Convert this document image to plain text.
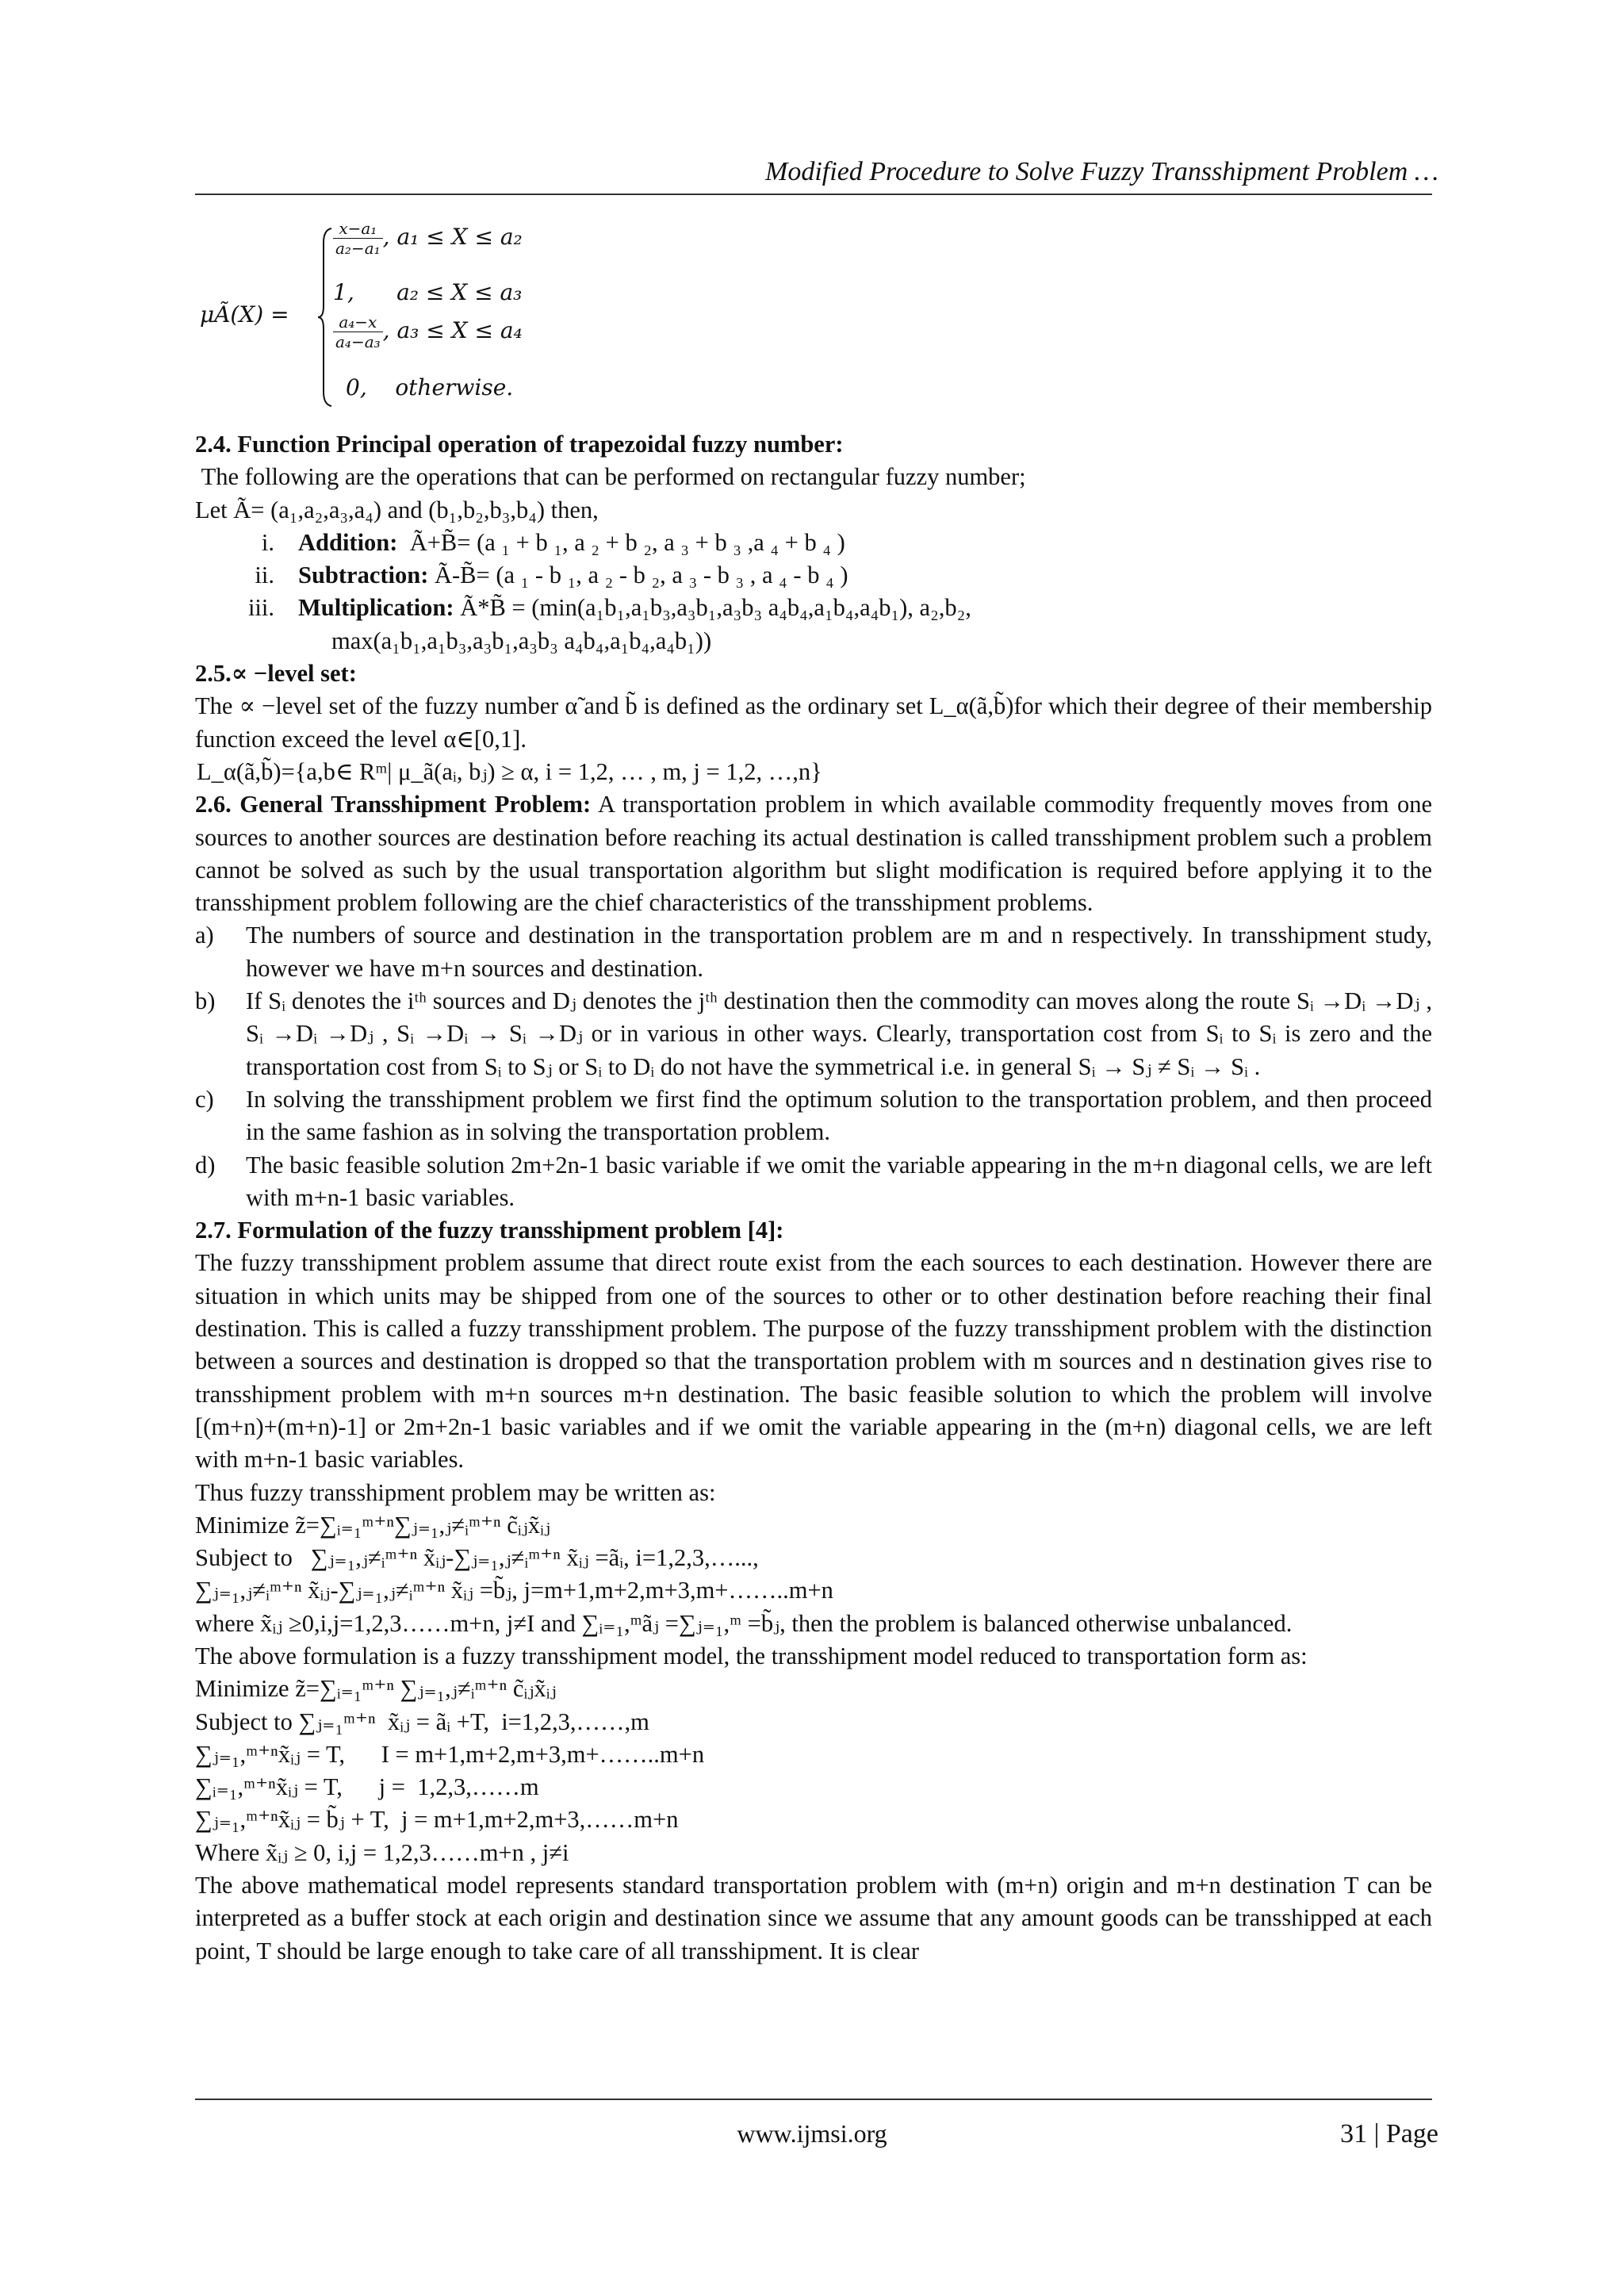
Modified Procedure to Solve Fuzzy Transshipment Problem …
μÃ(X) =
$\frac{\text{x−a₁}}{\text{a₂−a₁}}$ , a₁ ≤ X ≤ a₂
1,      a₂ ≤ X ≤ a₃
$\frac{\text{a₄−x}}{\text{a₄−a₃}}$ , a₃ ≤ X ≤ a₄
0,    otherwise.

2.4. Function Principal operation of trapezoidal fuzzy number:

The following are the operations that can be performed on rectangular fuzzy number;

Let Ã= (a₁,a₂,a₃,a₄) and (b₁,b₂,b₃,b₄) then,

i. Addition: Ã+B̃= (a ₁ + b ₁, a ₂ + b ₂, a ₃ + b ₃ ,a ₄ + b ₄ )
ii. Subtraction: Ã-B̃= (a ₁ - b ₁, a ₂ - b ₂, a ₃ - b ₃ , a ₄ - b ₄ )
iii. Multiplication: Ã*B̃ = (min(a₁b₁,a₁b₃,a₃b₁,a₃b₃ a₄b₄,a₁b₄,a₄b₁), a₂,b₂,

max(a₁b₁,a₁b₃,a₃b₁,a₃b₃ a₄b₄,a₁b₄,a₄b₁))

2.5.∝ −level set:

The ∝ −level set of the fuzzy number α̃ and b̃ is defined as the ordinary set L_α(ã,b̃)for which their degree of their membership function exceed the level α∈[0,1].

L_α(ã,b̃)={a,b∈ Rᵐ| μ_ã(aᵢ, bⱼ) ≥ α, i = 1,2, … , m, j = 1,2, …,n}

2.6. General Transshipment Problem: A transportation problem in which available commodity frequently moves from one sources to another sources are destination before reaching its actual destination is called transshipment problem such a problem cannot be solved as such by the usual transportation algorithm but slight modification is required before applying it to the transshipment problem following are the chief characteristics of the transshipment problems.

a)	The numbers of source and destination in the transportation problem are m and n respectively. In transshipment study, however we have m+n sources and destination.
b)	If Sᵢ denotes the iᵗʰ sources and Dⱼ denotes the jᵗʰ destination then the commodity can moves along the route Sᵢ →Dᵢ →Dⱼ , Sᵢ →Dᵢ →Dⱼ , Sᵢ →Dᵢ → Sᵢ →Dⱼ or in various in other ways. Clearly, transportation cost from Sᵢ to Sᵢ is zero and the transportation cost from Sᵢ to Sⱼ or Sᵢ to Dᵢ do not have the symmetrical i.e. in general Sᵢ → Sⱼ ≠ Sᵢ → Sᵢ .
c)	In solving the transshipment problem we first find the optimum solution to the transportation problem, and then proceed in the same fashion as in solving the transportation problem.
d)	The basic feasible solution 2m+2n-1 basic variable if we omit the variable appearing in the m+n diagonal cells, we are left with m+n-1 basic variables.

2.7. Formulation of the fuzzy transshipment problem [4]:

The fuzzy transshipment problem assume that direct route exist from the each sources to each destination. However there are situation in which units may be shipped from one of the sources to other or to other destination before reaching their final destination. This is called a fuzzy transshipment problem. The purpose of the fuzzy transshipment problem with the distinction between a sources and destination is dropped so that the transportation problem with m sources and n destination gives rise to transshipment problem with m+n sources m+n destination. The basic feasible solution to which the problem will involve [(m+n)+(m+n)-1] or 2m+2n-1 basic variables and if we omit the variable appearing in the (m+n) diagonal cells, we are left with m+n-1 basic variables.

Thus fuzzy transshipment problem may be written as:

Minimize z̃=∑ᵢ₌₁ᵐ⁺ⁿ∑ⱼ₌₁,ⱼ≠ᵢᵐ⁺ⁿ c̃ᵢⱼx̃ᵢⱼ

Subject to   ∑ⱼ₌₁,ⱼ≠ᵢᵐ⁺ⁿ x̃ᵢⱼ-∑ⱼ₌₁,ⱼ≠ᵢᵐ⁺ⁿ x̃ᵢⱼ =ãᵢ, i=1,2,3,…...,

∑ⱼ₌₁,ⱼ≠ᵢᵐ⁺ⁿ x̃ᵢⱼ-∑ⱼ₌₁,ⱼ≠ᵢᵐ⁺ⁿ x̃ᵢⱼ =b̃ⱼ, j=m+1,m+2,m+3,m+……..m+n

where x̃ᵢⱼ ≥0,i,j=1,2,3……m+n, j≠I and ∑ᵢ₌₁,ᵐãⱼ =∑ⱼ₌₁,ᵐ =b̃ⱼ, then the problem is balanced otherwise unbalanced.

The above formulation is a fuzzy transshipment model, the transshipment model reduced to transportation form as:

Minimize z̃=∑ᵢ₌₁ᵐ⁺ⁿ ∑ⱼ₌₁,ⱼ≠ᵢᵐ⁺ⁿ c̃ᵢⱼx̃ᵢⱼ

Subject to ∑ⱼ₌₁ᵐ⁺ⁿ  x̃ᵢⱼ = ãᵢ +T,  i=1,2,3,……,m

∑ⱼ₌₁,ᵐ⁺ⁿx̃ᵢⱼ = T,      I = m+1,m+2,m+3,m+……..m+n

∑ᵢ₌₁,ᵐ⁺ⁿx̃ᵢⱼ = T,      j =  1,2,3,……m

∑ⱼ₌₁,ᵐ⁺ⁿx̃ᵢⱼ = b̃ⱼ + T,  j = m+1,m+2,m+3,……m+n

Where x̃ᵢⱼ ≥ 0, i,j = 1,2,3……m+n , j≠i

The above mathematical model represents standard transportation problem with (m+n) origin and m+n destination T can be interpreted as a buffer stock at each origin and destination since we assume that any amount goods can be transshipped at each point, T should be large enough to take care of all transshipment. It is clear

www.ijmsi.org	31 | Page
